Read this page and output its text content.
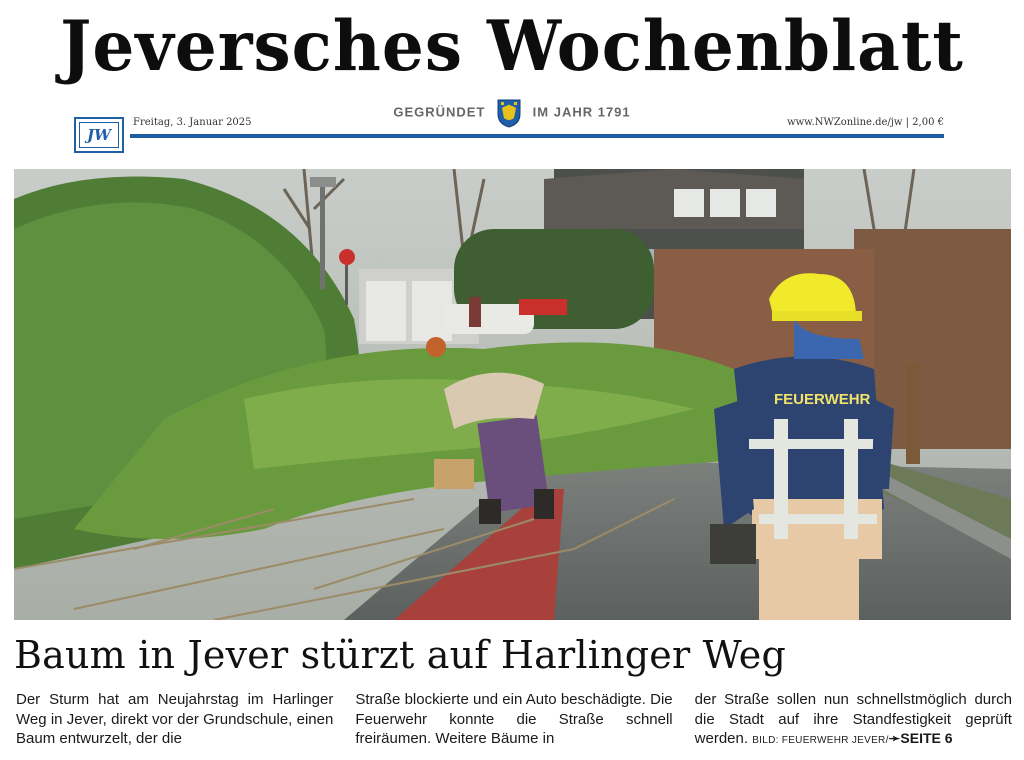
Jeversches Wochenblatt
GEGRÜNDET	IM JAHR 1791
JW
Freitag, 3. Januar 2025	www.NWZonline.de/jw | 2,00 €
FEUERWEHR
Baum in Jever stürzt auf Harlinger Weg

Der Sturm hat am Neujahrstag im Harlinger Weg in Jever, direkt vor der Grundschule, einen Baum entwurzelt, der die

Straße blockierte und ein Auto beschädigte. Die Feuerwehr konnte die Straße schnell freiräumen. Weitere Bäume in

der Straße sollen nun schnellstmöglich durch die Stadt auf ihre Standfestigkeit geprüft werden. BILD: FEUERWEHR JEVER/➛SEITE 6
